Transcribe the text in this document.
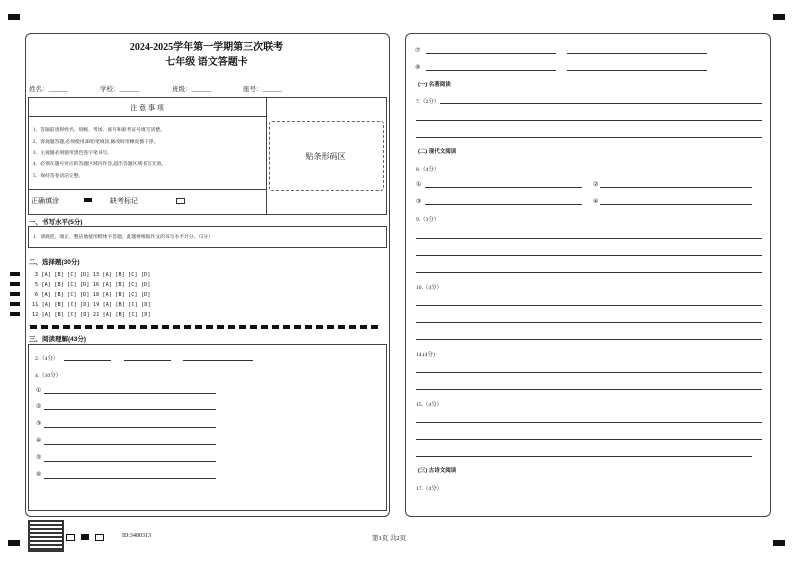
2024-2025学年第一学期第三次联考
七年级 语文答题卡
姓名：______	学校：______	班级：______	座号：______
注 意 事 项
1、答题前请将姓名、班级、考场、座号和准考证号填写清楚。
2、客观题答题,必须使用2B铅笔填涂,修改时用橡皮擦干净。
3、主观题必须使用黑色签字笔书写。
4、必须在题号对应的答题区域内作答,超出答题区域书写无效。
5、保持答卷清洁完整。
正确填涂	缺考标记
贴条形码区
一、书写水平(5分)
1．请规范、端正、整洁地使用楷体字答题，此题将根据作文的书写水平计分。（5分）
二、选择题(30分)
3 [A] [B] [C] [D] 13 [A] [B] [C] [D]
5 [A] [B] [C] [D] 16 [A] [B] [C] [D]
6 [A] [B] [C] [D] 18 [A] [B] [C] [D]
11 [A] [B] [C] [D] 19 [A] [B] [C] [D]
12 [A] [B] [C] [D] 21 [A] [B] [C] [D]
三、阅读理解(43分)
2.（4分）
4.（10分）
①
②
③
④
⑤
⑥
ID:3480313	第1页 共2页
⑦
⑧
(一) 名著阅读
7.（2分）
(二) 现代文阅读
8.（4分）
①	②
③	④
9.（3分）
10.（4分）
14.(4分)
15.（4分）
(三) 古诗文阅读
17.（4分）
